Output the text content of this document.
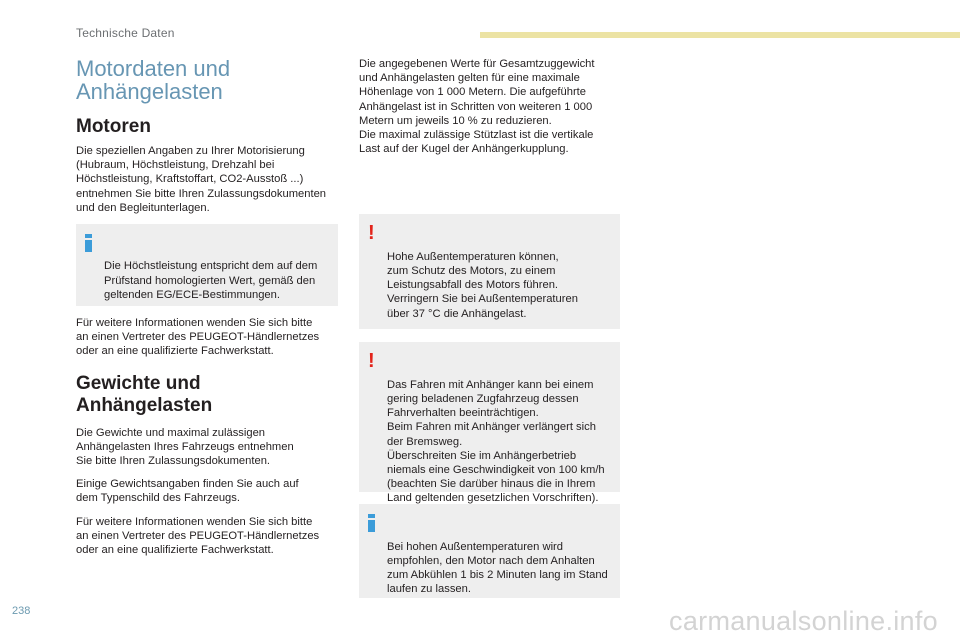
Technische Daten
Motordaten und
Anhängelasten
Motoren

Die speziellen Angaben zu Ihrer Motorisierung
(Hubraum, Höchstleistung, Drehzahl bei
Höchstleistung, Kraftstoffart, CO2-Ausstoß ...)
entnehmen Sie bitte Ihren Zulassungsdokumenten
und den Begleitunterlagen.

Die Höchstleistung entspricht dem auf dem
Prüfstand homologierten Wert, gemäß den
geltenden EG/ECE-Bestimmungen.

Für weitere Informationen wenden Sie sich bitte
an einen Vertreter des PEUGEOT-Händlernetzes
oder an eine qualifizierte Fachwerkstatt.

Gewichte und Anhängelasten

Die Gewichte und maximal zulässigen
Anhängelasten Ihres Fahrzeugs entnehmen
Sie bitte Ihren Zulassungsdokumenten.

Einige Gewichtsangaben finden Sie auch auf
dem Typenschild des Fahrzeugs.

Für weitere Informationen wenden Sie sich bitte
an einen Vertreter des PEUGEOT-Händlernetzes
oder an eine qualifizierte Fachwerkstatt.

Die angegebenen Werte für Gesamtzuggewicht
und Anhängelasten gelten für eine maximale
Höhenlage von 1 000 Metern. Die aufgeführte
Anhängelast ist in Schritten von weiteren 1 000
Metern um jeweils 10 % zu reduzieren.
Die maximal zulässige Stützlast ist die vertikale
Last auf der Kugel der Anhängerkupplung.

!

Hohe Außentemperaturen können,
zum Schutz des Motors, zu einem
Leistungsabfall des Motors führen.
Verringern Sie bei Außentemperaturen
über 37 °C die Anhängelast.

!

Das Fahren mit Anhänger kann bei einem
gering beladenen Zugfahrzeug dessen
Fahrverhalten beeinträchtigen.
Beim Fahren mit Anhänger verlängert sich
der Bremsweg.
Überschreiten Sie im Anhängerbetrieb
niemals eine Geschwindigkeit von 100 km/h
(beachten Sie darüber hinaus die in Ihrem
Land geltenden gesetzlichen Vorschriften).

Bei hohen Außentemperaturen wird
empfohlen, den Motor nach dem Anhalten
zum Abkühlen 1 bis 2 Minuten lang im Stand
laufen zu lassen.

238	carmanualsonline.info
